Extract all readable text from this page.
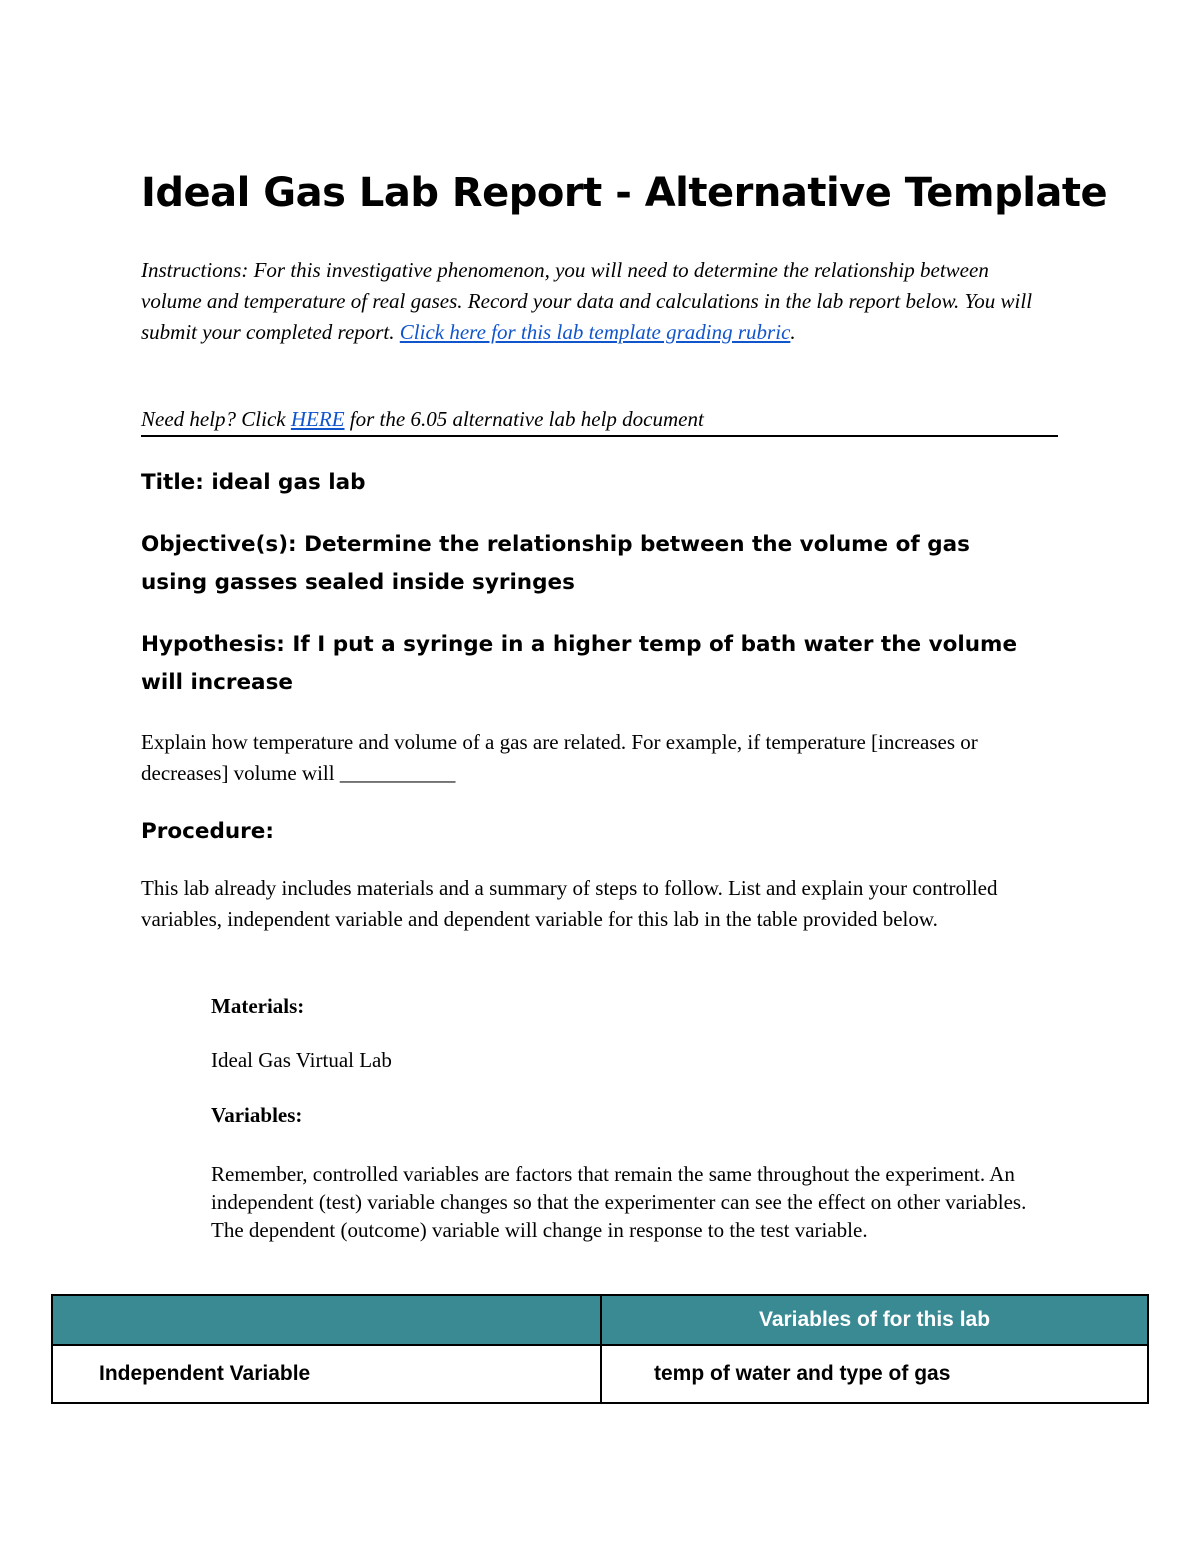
Ideal Gas Lab Report - Alternative Template

Instructions: For this investigative phenomenon, you will need to determine the relationship between volume and temperature of real gases. Record your data and calculations in the lab report below. You will submit your completed report. Click here for this lab template grading rubric.

Need help? Click HERE for the 6.05 alternative lab help document

Title: ideal gas lab

Objective(s): Determine the relationship between the volume of gas using gasses sealed inside syringes

Hypothesis: If I put a syringe in a higher temp of bath water the volume will increase

Explain how temperature and volume of a gas are related. For example, if temperature [increases or decreases] volume will ___________

Procedure:

This lab already includes materials and a summary of steps to follow. List and explain your controlled variables, independent variable and dependent variable for this lab in the table provided below.

Materials:

Ideal Gas Virtual Lab

Variables:

Remember, controlled variables are factors that remain the same throughout the experiment. An independent (test) variable changes so that the experimenter can see the effect on other variables. The dependent (outcome) variable will change in response to the test variable.

	Variables of for this lab
Independent Variable	temp of water and type of gas
